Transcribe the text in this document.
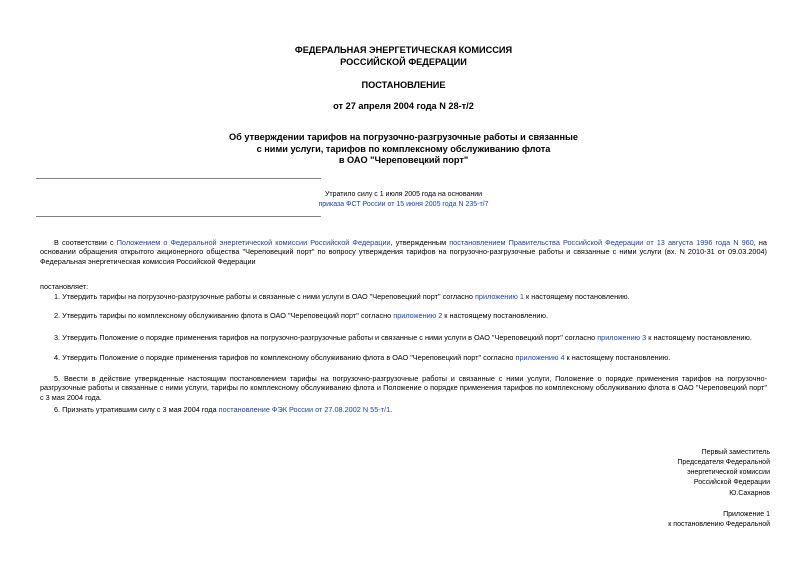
ФЕДЕРАЛЬНАЯ ЭНЕРГЕТИЧЕСКАЯ КОМИССИЯ
РОССИЙСКОЙ ФЕДЕРАЦИИ
ПОСТАНОВЛЕНИЕ
от 27 апреля 2004 года N 28-т/2
Об утверждении тарифов на погрузочно-разгрузочные работы и связанные
с ними услуги, тарифов по комплексному обслуживанию флота
в ОАО "Череповецкий порт"
Утратило силу с 1 июля 2005 года на основании
приказа ФСТ России от 15 июня 2005 года N 235-т/7

В соответствии с Положением о Федеральной энергетической комиссии Российской Федерации, утвержденным постановлением Правительства Российской Федерации от 13 августа 1996 года N 960, на основании обращения открытого акционерного общества "Череповецкий порт" по вопросу утверждения тарифов на погрузочно-разгрузочные работы и связанные с ними услуги (вх. N 2010-31 от 09.03.2004) Федеральная энергетическая комиссия Российской Федерации

постановляет:

1. Утвердить тарифы на погрузочно-разгрузочные работы и связанные с ними услуги в ОАО "Череповецкий порт" согласно приложению 1 к настоящему постановлению.

2. Утвердить тарифы по комплексному обслуживанию флота в ОАО "Череповецкий порт" согласно приложению 2 к настоящему постановлению.

3. Утвердить Положение о порядке применения тарифов на погрузочно-разгрузочные работы и связанные с ними услуги в ОАО "Череповецкий порт" согласно приложению 3 к настоящему постановлению.

4. Утвердить Положение о порядке применения тарифов по комплексному обслуживанию флота в ОАО "Череповецкий порт" согласно приложению 4 к настоящему постановлению.

5. Ввести в действие утвержденные настоящим постановлением тарифы на погрузочно-разгрузочные работы и связанные с ними услуги, Положение о порядке применения тарифов на погрузочно-разгрузочные работы и связанные с ними услуги, тарифы по комплексному обслуживанию флота и Положение о порядке применения тарифов по комплексному обслуживанию флота в ОАО "Череповецкий порт" с 3 мая 2004 года.

6. Признать утратившим силу с 3 мая 2004 года постановление ФЭК России от 27.08.2002 N 55-т/1.

Первый заместитель
Председателя Федеральной
энергетической комиссии
Российской Федерации
Ю.Сахарнов
Приложение 1
к постановлению Федеральной
